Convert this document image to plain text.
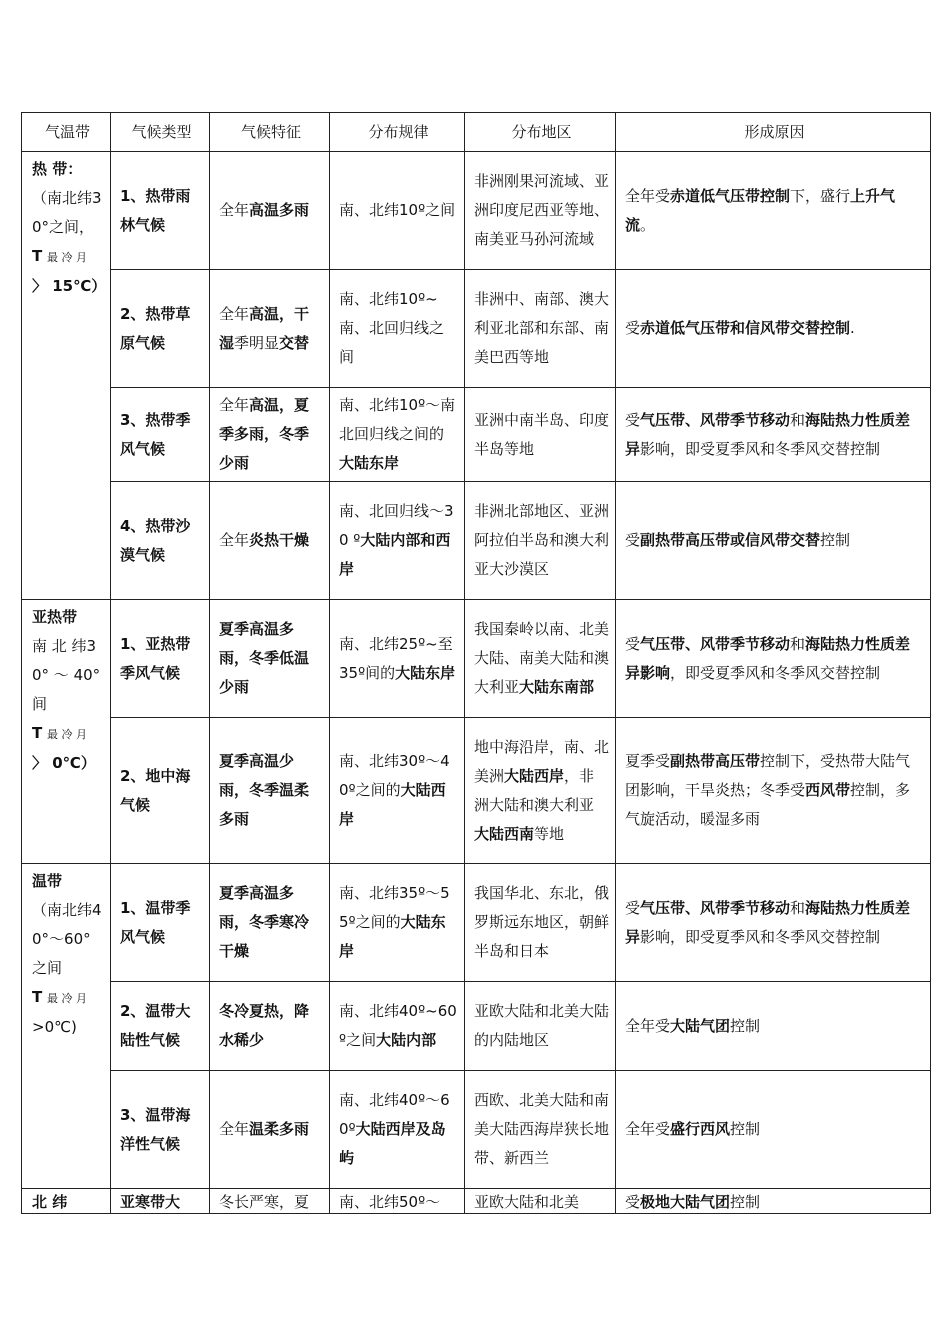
气温带	气候类型	气候特征	分布规律	分布地区	形成原因

热 带：
（南北纬30°之间，
T 最 冷 月 〉 15℃）	1、热带雨林气候	全年高温多雨	南、北纬10º之间	非洲刚果河流域、亚洲印度尼西亚等地、南美亚马孙河流域	全年受赤道低气压带控制下，盛行上升气流。
	2、热带草原气候	全年高温，干湿季明显交替	南、北纬10º~南、北回归线之间	非洲中、南部、澳大利亚北部和东部、南美巴西等地	受赤道低气压带和信风带交替控制.
	3、热带季风气候	全年高温，夏季多雨，冬季少雨	南、北纬10º～南北回归线之间的大陆东岸	亚洲中南半岛、印度半岛等地	受气压带、风带季节移动和海陆热力性质差异影响，即受夏季风和冬季风交替控制
	4、热带沙漠气候	全年炎热干燥	南、北回归线～30 º大陆内部和西岸	非洲北部地区、亚洲阿拉伯半岛和澳大利亚大沙漠区	受副热带高压带或信风带交替控制

亚热带
南 北 纬30° ～ 40°间
T 最 冷 月 〉 0℃）	1、亚热带季风气候	夏季高温多雨，冬季低温少雨	南、北纬25º~至35º间的大陆东岸	我国秦岭以南、北美大陆、南美大陆和澳大利亚大陆东南部	受气压带、风带季节移动和海陆热力性质差异影响，即受夏季风和冬季风交替控制
	2、地中海气候	夏季高温少雨，冬季温柔多雨	南、北纬30º～40º之间的大陆西岸	地中海沿岸，南、北美洲大陆西岸，非洲大陆和澳大利亚大陆西南等地	夏季受副热带高压带控制下，受热带大陆气团影响，干旱炎热；冬季受西风带控制，多气旋活动，暖湿多雨

温带
（南北纬40°～60°之间
T 最 冷 月 >0℃)	1、温带季风气候	夏季高温多雨，冬季寒冷干燥	南、北纬35º～55º之间的大陆东岸	我国华北、东北，俄罗斯远东地区，朝鲜半岛和日本	受气压带、风带季节移动和海陆热力性质差异影响，即受夏季风和冬季风交替控制
	2、温带大陆性气候	冬冷夏热，降水稀少	南、北纬40º~60º之间大陆内部	亚欧大陆和北美大陆的内陆地区	全年受大陆气团控制
	3、温带海洋性气候	全年温柔多雨	南、北纬40º～60º大陆西岸及岛屿	西欧、北美大陆和南美大陆西海岸狭长地带、新西兰	全年受盛行西风控制

北 纬	亚寒带大	冬长严寒，夏	南、北纬50º～	亚欧大陆和北美	受极地大陆气团控制
